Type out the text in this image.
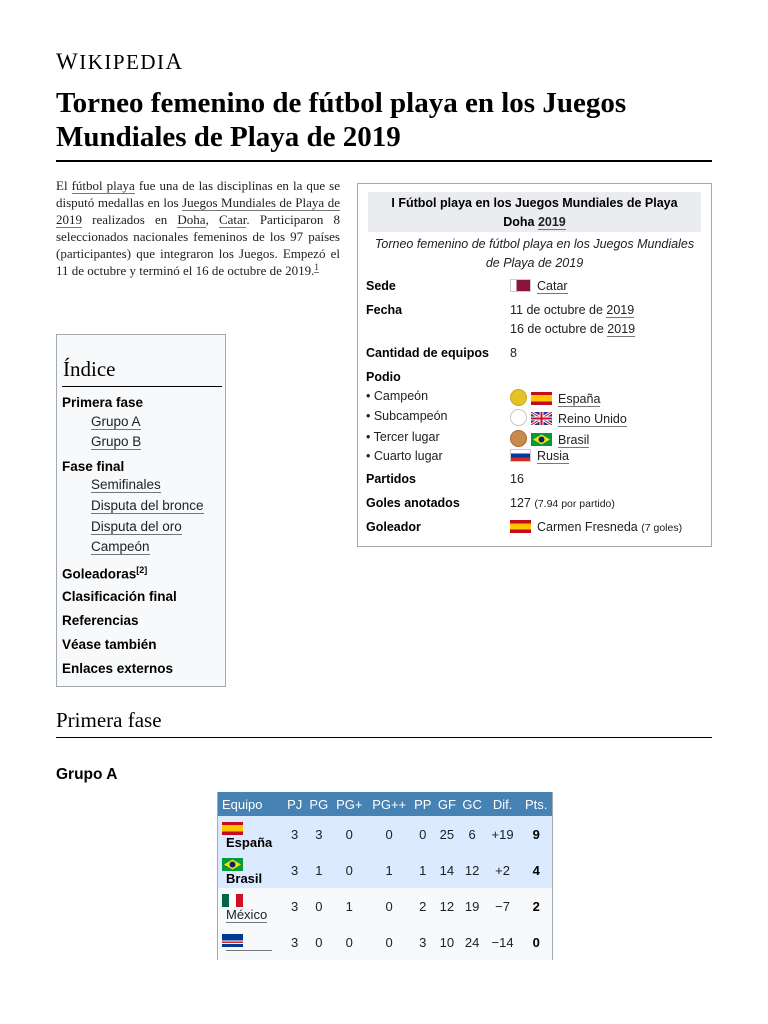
WIKIPEDIA
Torneo femenino de fútbol playa en los Juegos Mundiales de Playa de 2019

El fútbol playa fue una de las disciplinas en la que se disputó medallas en los Juegos Mundiales de Playa de 2019 realizados en Doha, Catar. Participaron 8 seleccionados nacionales femeninos de los 97 países (participantes) que integraron los Juegos. Empezó el 11 de octubre y terminó el 16 de octubre de 2019.$^1$

Índice
Primera fase
Grupo A
Grupo B
Fase final
Semifinales
Disputa del bronce
Disputa del oro
Campeón
Goleadoras[2]
Clasificación final
Referencias
Véase también
Enlaces externos
I Fútbol playa en los Juegos Mundiales de Playa
Doha 2019
Torneo femenino de fútbol playa en los Juegos Mundiales de Playa de 2019
Sede	Catar
Fecha	11 de octubre de 2019
16 de octubre de 2019
Cantidad de equipos 8
Podio
• Campeón	España
• Subcampeón	Reino Unido
• Tercer lugar	Brasil
• Cuarto lugar	Rusia
Partidos	16
Goles anotados	127 (7.94 por partido)
Goleador	Carmen Fresneda (7 goles)
Primera fase
Grupo A
Equipo	PJ	PG	PG+	PG++	PP	GF	GC	Dif.	Pts.

España	3	3	0	0	0	25	6	+19	9

Brasil	3	1	0	1	1	14	12	+2	4

México	3	0	1	0	2	12	19	−7	2

	3	0	0	0	3	10	24	−14	0
